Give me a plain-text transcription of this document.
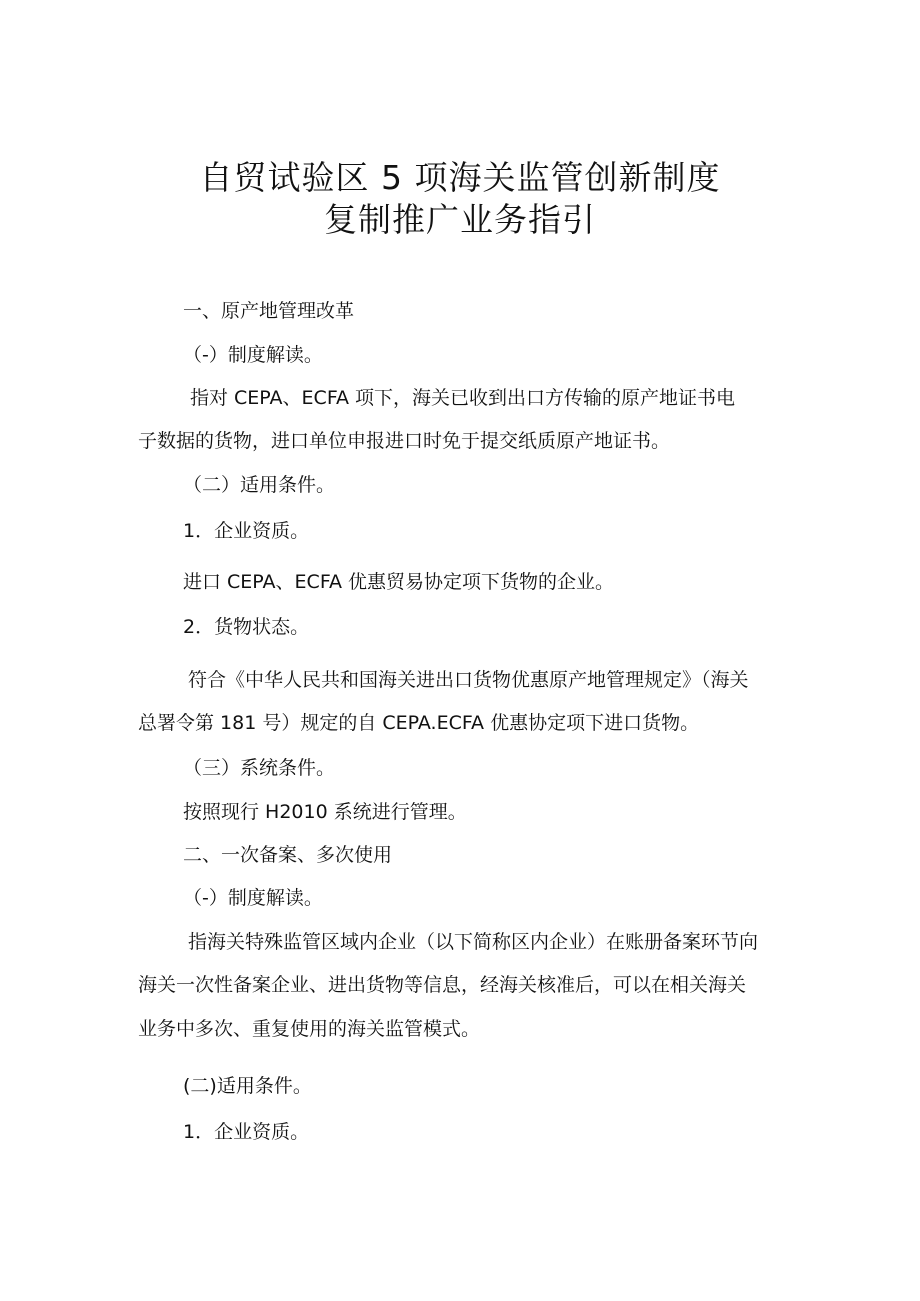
自贸试验区 5 项海关监管创新制度
复制推广业务指引
一、原产地管理改革
（-）制度解读。
指对 CEPA、ECFA 项下，海关已收到出口方传输的原产地证书电
子数据的货物，进口单位申报进口时免于提交纸质原产地证书。
（二）适用条件。
1．企业资质。
进口 CEPA、ECFA 优惠贸易协定项下货物的企业。
2．货物状态。
符合《中华人民共和国海关进出口货物优惠原产地管理规定》（海关
总署令第 181 号）规定的自 CEPA.ECFA 优惠协定项下进口货物。
（三）系统条件。
按照现行 H2010 系统进行管理。
二、一次备案、多次使用
（-）制度解读。
指海关特殊监管区域内企业（以下简称区内企业）在账册备案环节向
海关一次性备案企业、进出货物等信息，经海关核准后，可以在相关海关
业务中多次、重复使用的海关监管模式。
(二)适用条件。
1．企业资质。
